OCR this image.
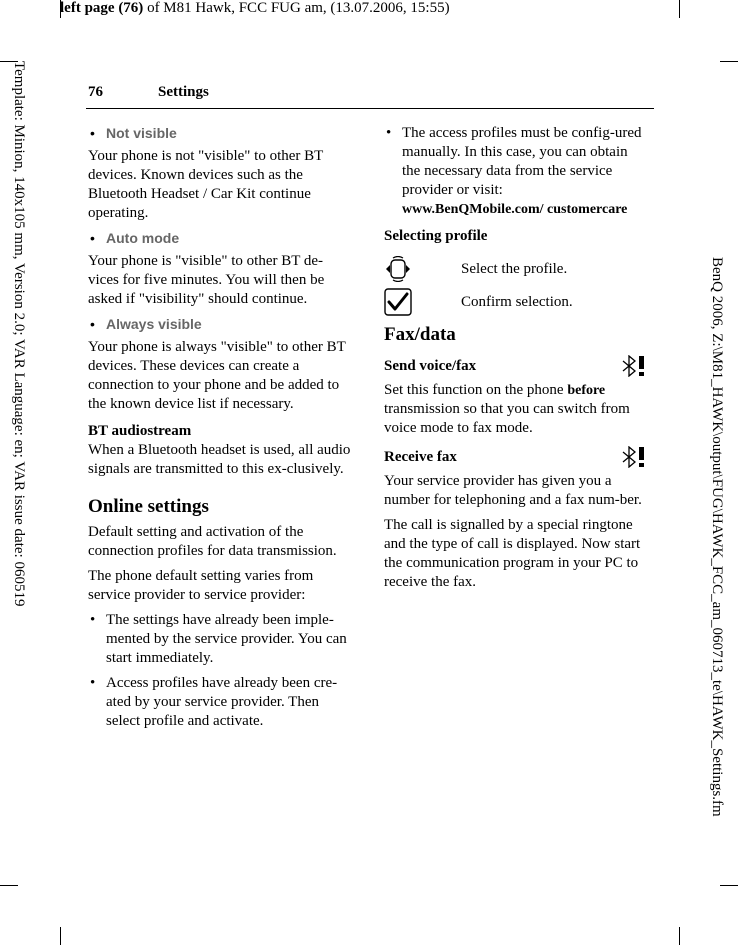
left page (76) of M81 Hawk, FCC FUG am, (13.07.2006, 15:55)
Template: Minion, 140x105 mm, Version 2.0; VAR Language: en; VAR issue date: 060519	BenQ 2006, Z:\M81_HAWK\output\FUG\HAWK_FCC_am_060713_te\HAWK_Settings.fm
76	Settings
• Not visible

Your phone is not "visible" to other BT devices. Known devices such as the Bluetooth Headset / Car Kit continue operating.

• Auto mode

Your phone is "visible" to other BT de-vices for five minutes. You will then be asked if "visibility" should continue.

• Always visible

Your phone is always "visible" to other BT devices. These devices can create a connection to your phone and be added to the known device list if necessary.

BT audiostream

When a Bluetooth headset is used, all audio signals are transmitted to this ex-clusively.

Online settings

Default setting and activation of the connection profiles for data transmission.

The phone default setting varies from service provider to service provider:

• The settings have already been imple-mented by the service provider. You can start immediately.
• Access profiles have already been cre-ated by your service provider. Then select profile and activate.
• The access profiles must be config-ured manually. In this case, you can obtain the necessary data from the service provider or visit:
www.BenQMobile.com/ customercare
Selecting profile
Select the profile.
Confirm selection.
Fax/data
Send voice/fax

Set this function on the phone before transmission so that you can switch from voice mode to fax mode.

Receive fax

Your service provider has given you a number for telephoning and a fax num-ber.

The call is signalled by a special ringtone and the type of call is displayed. Now start the communication program in your PC to receive the fax.
